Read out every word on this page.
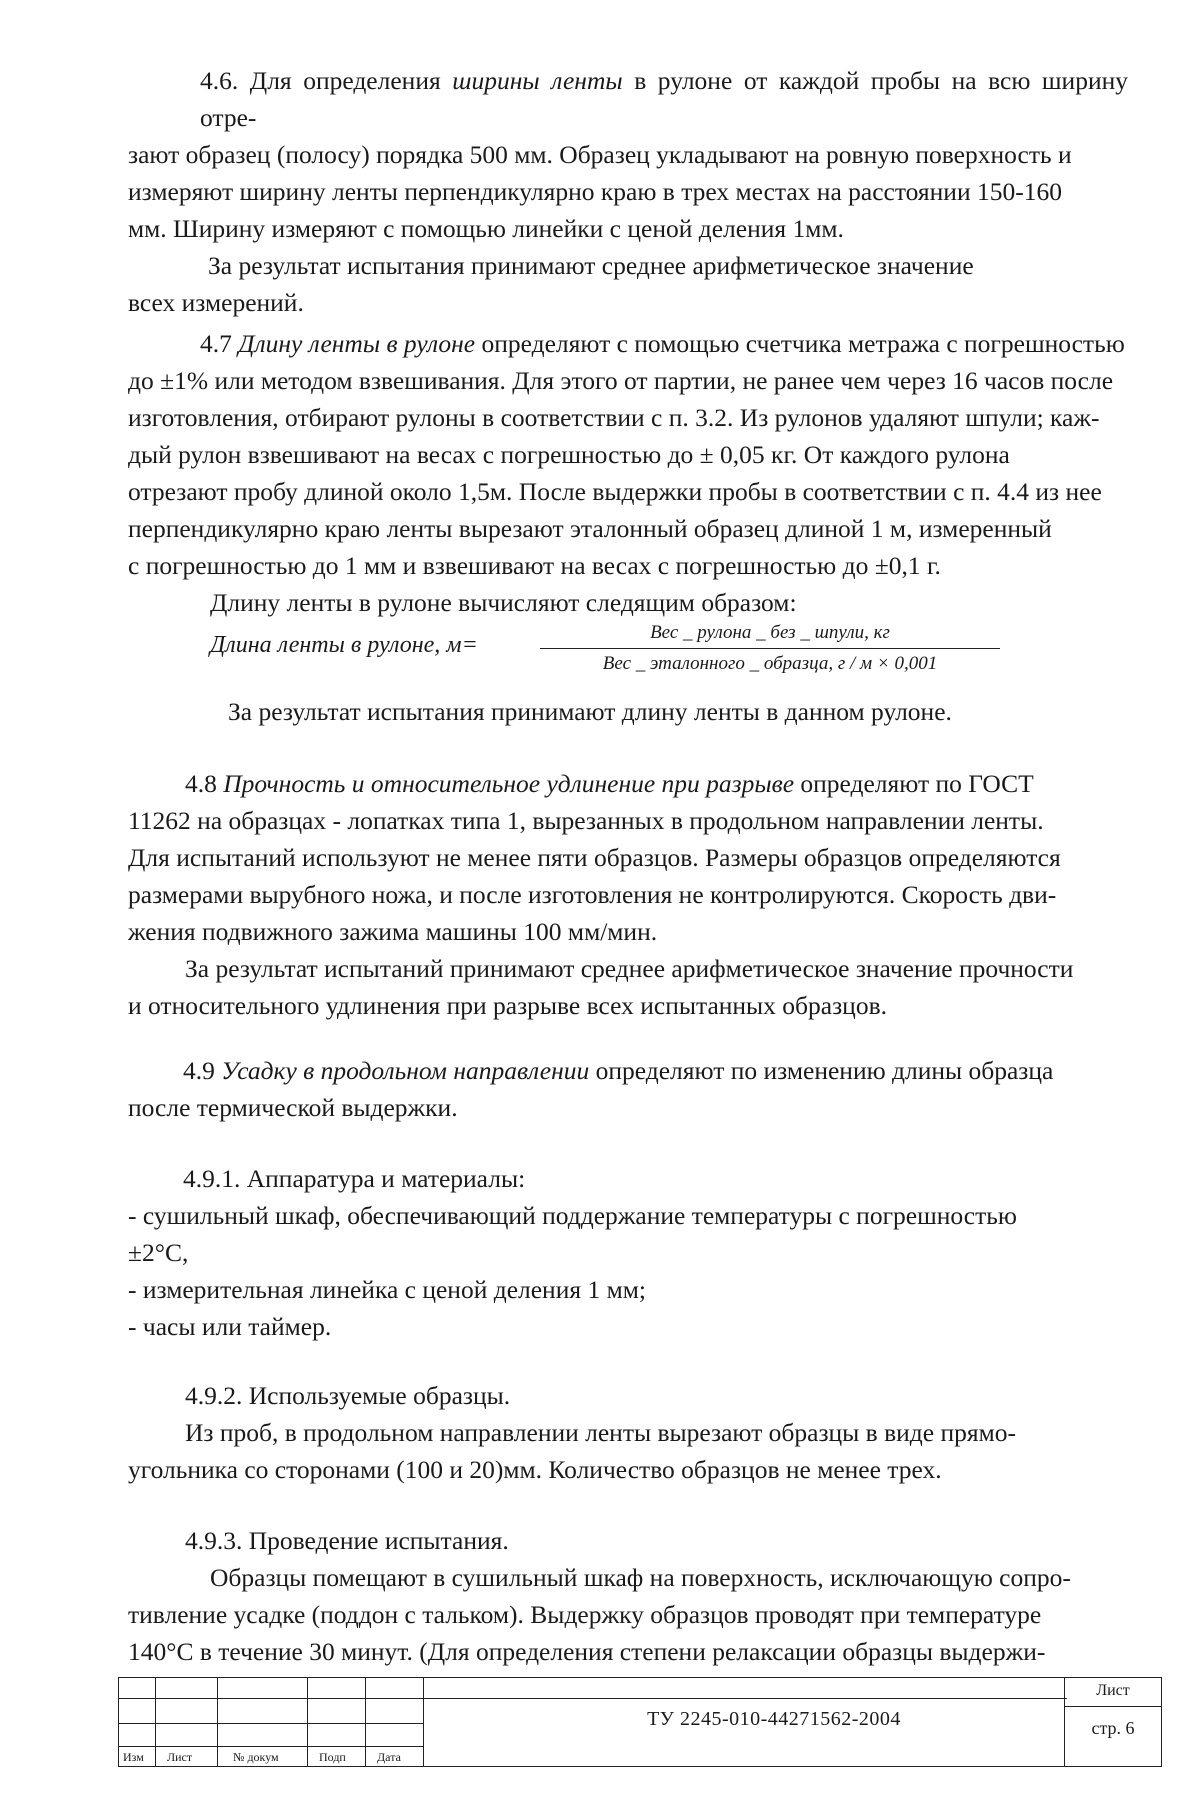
4.6. Для определения ширины ленты в рулоне от каждой пробы на всю ширину отре-
зают образец (полосу) порядка 500 мм. Образец укладывают на ровную поверхность и
измеряют ширину ленты перпендикулярно краю в трех местах на расстоянии 150-160
мм. Ширину измеряют с помощью линейки с ценой деления 1мм.
За результат испытания принимают среднее арифметическое значение
всех измерений.
4.7 Длину ленты в рулоне определяют с помощью счетчика метража с погрешностью
до ±1% или методом взвешивания. Для этого от партии, не ранее чем через 16 часов после
изготовления, отбирают рулоны в соответствии с п. 3.2. Из рулонов удаляют шпули; каж-
дый рулон взвешивают на весах с погрешностью до ± 0,05 кг. От каждого рулона
отрезают пробу длиной около 1,5м. После выдержки пробы в соответствии с п. 4.4 из нее
перпендикулярно краю ленты вырезают эталонный образец длиной 1 м, измеренный
с погрешностью до 1 мм и взвешивают на весах с погрешностью до ±0,1 г.
Длину ленты в рулоне вычисляют следящим образом:
Длина ленты в рулоне, м=	Вес _ рулона _ без _ шпули, кг
Вес _ эталонного _ образца, г / м × 0,001
За результат испытания принимают длину ленты в данном рулоне.
4.8 Прочность и относительное удлинение при разрыве определяют по ГОСТ
11262 на образцах - лопатках типа 1, вырезанных в продольном направлении ленты.
Для испытаний используют не менее пяти образцов. Размеры образцов определяются
размерами вырубного ножа, и после изготовления не контролируются. Скорость дви-
жения подвижного зажима машины 100 мм/мин.
За результат испытаний принимают среднее арифметическое значение прочности
и относительного удлинения при разрыве всех испытанных образцов.
4.9 Усадку в продольном направлении определяют по изменению длины образца
после термической выдержки.
4.9.1. Аппаратура и материалы:
- сушильный шкаф, обеспечивающий поддержание температуры с погрешностью
±2°С,
- измерительная линейка с ценой деления 1 мм;
- часы или таймер.
4.9.2. Используемые образцы.
Из проб, в продольном направлении ленты вырезают образцы в виде прямо-
угольника со сторонами (100 и 20)мм. Количество образцов не менее трех.
4.9.3. Проведение испытания.
Образцы помещают в сушильный шкаф на поверхность, исключающую сопро-
тивление усадке (поддон с тальком). Выдержку образцов проводят при температуре
140°С в течение 30 минут. (Для определения степени релаксации образцы выдержи-
Изм Лист	№ докум	Подп	Дата
ТУ 2245-010-44271562-2004
Лист
стр. 6
